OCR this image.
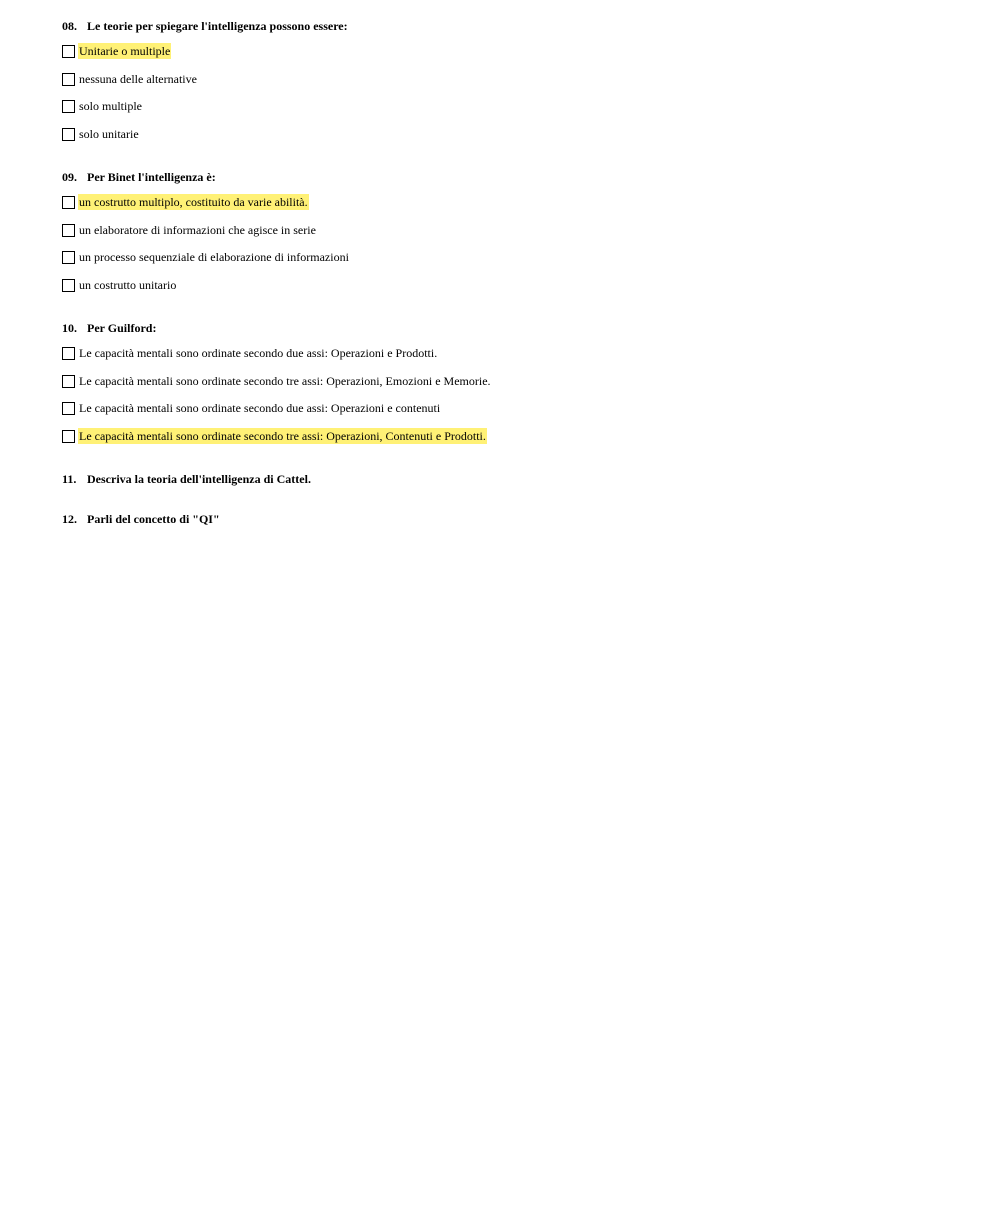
08. Le teorie per spiegare l'intelligenza possono essere:
Unitarie o multiple
nessuna delle alternative
solo multiple
solo unitarie
09. Per Binet l'intelligenza è:
un costrutto multiplo, costituito da varie abilità.
un elaboratore di informazioni che agisce in serie
un processo sequenziale di elaborazione di informazioni
un costrutto unitario
10. Per Guilford:
Le capacità mentali sono ordinate secondo due assi: Operazioni e Prodotti.
Le capacità mentali sono ordinate secondo tre assi: Operazioni, Emozioni e Memorie.
Le capacità mentali sono ordinate secondo due assi: Operazioni e contenuti
Le capacità mentali sono ordinate secondo tre assi: Operazioni, Contenuti e Prodotti.
11. Descriva la teoria dell'intelligenza di Cattel.
12. Parli del concetto di "QI"
